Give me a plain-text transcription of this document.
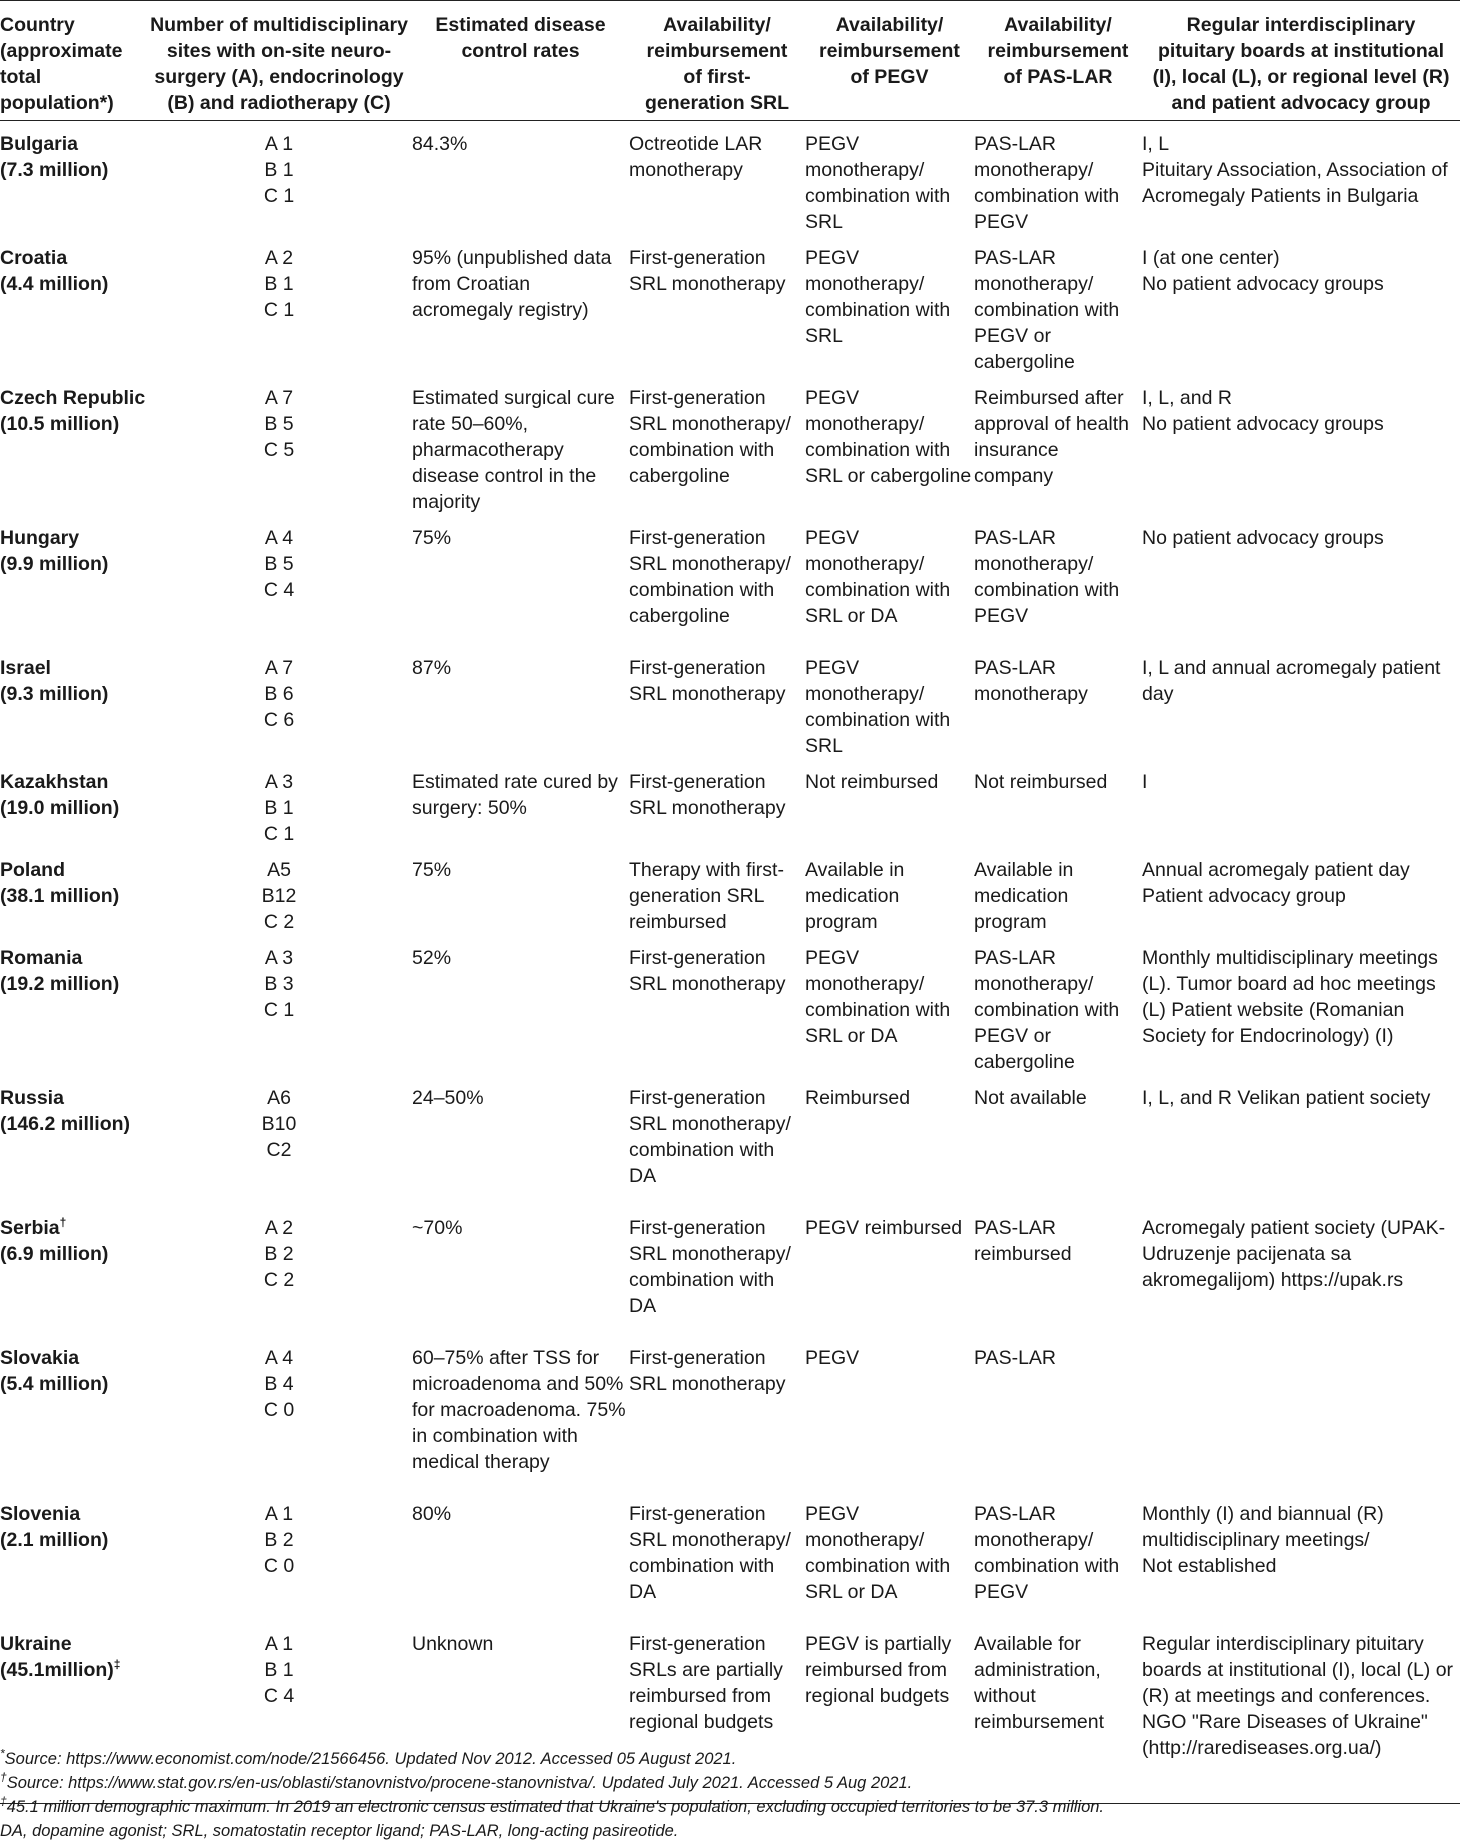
Country
(approximate
total
population*)	Number of multidisciplinary
sites with on-site neuro-
surgery (A), endocrinology
(B) and radiotherapy (C)	Estimated disease
control rates	Availability/
reimbursement
of first-
generation SRL	Availability/
reimbursement
of PEGV	Availability/
reimbursement
of PAS-LAR	Regular interdisciplinary
pituitary boards at institutional
(I), local (L), or regional level (R)
and patient advocacy group

Bulgaria
(7.3 million)	A 1
B 1
C 1	84.3%	Octreotide LAR monotherapy	PEGV monotherapy/ combination with SRL	PAS-LAR monotherapy/ combination with PEGV	I, L
Pituitary Association, Association of Acromegaly Patients in Bulgaria

Croatia
(4.4 million)	A 2
B 1
C 1	95% (unpublished data from Croatian acromegaly registry)	First-generation SRL monotherapy	PEGV monotherapy/ combination with SRL	PAS-LAR monotherapy/ combination with PEGV or cabergoline	I (at one center)
No patient advocacy groups

Czech Republic
(10.5 million)	A 7
B 5
C 5	Estimated surgical cure rate 50–60%, pharmacotherapy disease control in the majority	First-generation SRL monotherapy/ combination with cabergoline	PEGV monotherapy/ combination with SRL or cabergoline	Reimbursed after approval of health insurance company	I, L, and R
No patient advocacy groups

Hungary
(9.9 million)	A 4
B 5
C 4	75%	First-generation SRL monotherapy/ combination with cabergoline	PEGV monotherapy/ combination with SRL or DA	PAS-LAR monotherapy/ combination with PEGV	No patient advocacy groups

Israel
(9.3 million)	A 7
B 6
C 6	87%	First-generation SRL monotherapy	PEGV monotherapy/ combination with SRL	PAS-LAR monotherapy	I, L and annual acromegaly patient day

Kazakhstan
(19.0 million)	A 3
B 1
C 1	Estimated rate cured by surgery: 50%	First-generation SRL monotherapy	Not reimbursed	Not reimbursed	I

Poland
(38.1 million)	A5
B12
C 2	75%	Therapy with first-generation SRL reimbursed	Available in medication program	Available in medication program	Annual acromegaly patient day
Patient advocacy group

Romania
(19.2 million)	A 3
B 3
C 1	52%	First-generation SRL monotherapy	PEGV monotherapy/ combination with SRL or DA	PAS-LAR monotherapy/ combination with PEGV or cabergoline	Monthly multidisciplinary meetings (L). Tumor board ad hoc meetings (L) Patient website (Romanian Society for Endocrinology) (I)

Russia
(146.2 million)	A6
B10
C2	24–50%	First-generation SRL monotherapy/ combination with DA	Reimbursed	Not available	I, L, and R Velikan patient society

Serbia†
(6.9 million)	A 2
B 2
C 2	~70%	First-generation SRL monotherapy/ combination with DA	PEGV reimbursed	PAS-LAR reimbursed	Acromegaly patient society (UPAK-Udruzenje pacijenata sa akromegalijom) https://upak.rs

Slovakia
(5.4 million)	A 4
B 4
C 0	60–75% after TSS for microadenoma and 50% for macroadenoma. 75% in combination with medical therapy	First-generation SRL monotherapy	PEGV	PAS-LAR	

Slovenia
(2.1 million)	A 1
B 2
C 0	80%	First-generation SRL monotherapy/ combination with DA	PEGV monotherapy/ combination with SRL or DA	PAS-LAR monotherapy/ combination with PEGV	Monthly (I) and biannual (R) multidisciplinary meetings/
Not established

Ukraine
(45.1million)‡	A 1
B 1
C 4	Unknown	First-generation SRLs are partially reimbursed from regional budgets	PEGV is partially reimbursed from regional budgets	Available for administration, without reimbursement	Regular interdisciplinary pituitary boards at institutional (I), local (L) or (R) at meetings and conferences.
NGO "Rare Diseases of Ukraine" (http://rarediseases.org.ua/)
*Source: https://www.economist.com/node/21566456. Updated Nov 2012. Accessed 05 August 2021.
†Source: https://www.stat.gov.rs/en-us/oblasti/stanovnistvo/procene-stanovnistva/. Updated July 2021. Accessed 5 Aug 2021.
‡45.1 million demographic maximum. In 2019 an electronic census estimated that Ukraine's population, excluding occupied territories to be 37.3 million.
DA, dopamine agonist; SRL, somatostatin receptor ligand; PAS-LAR, long-acting pasireotide.
